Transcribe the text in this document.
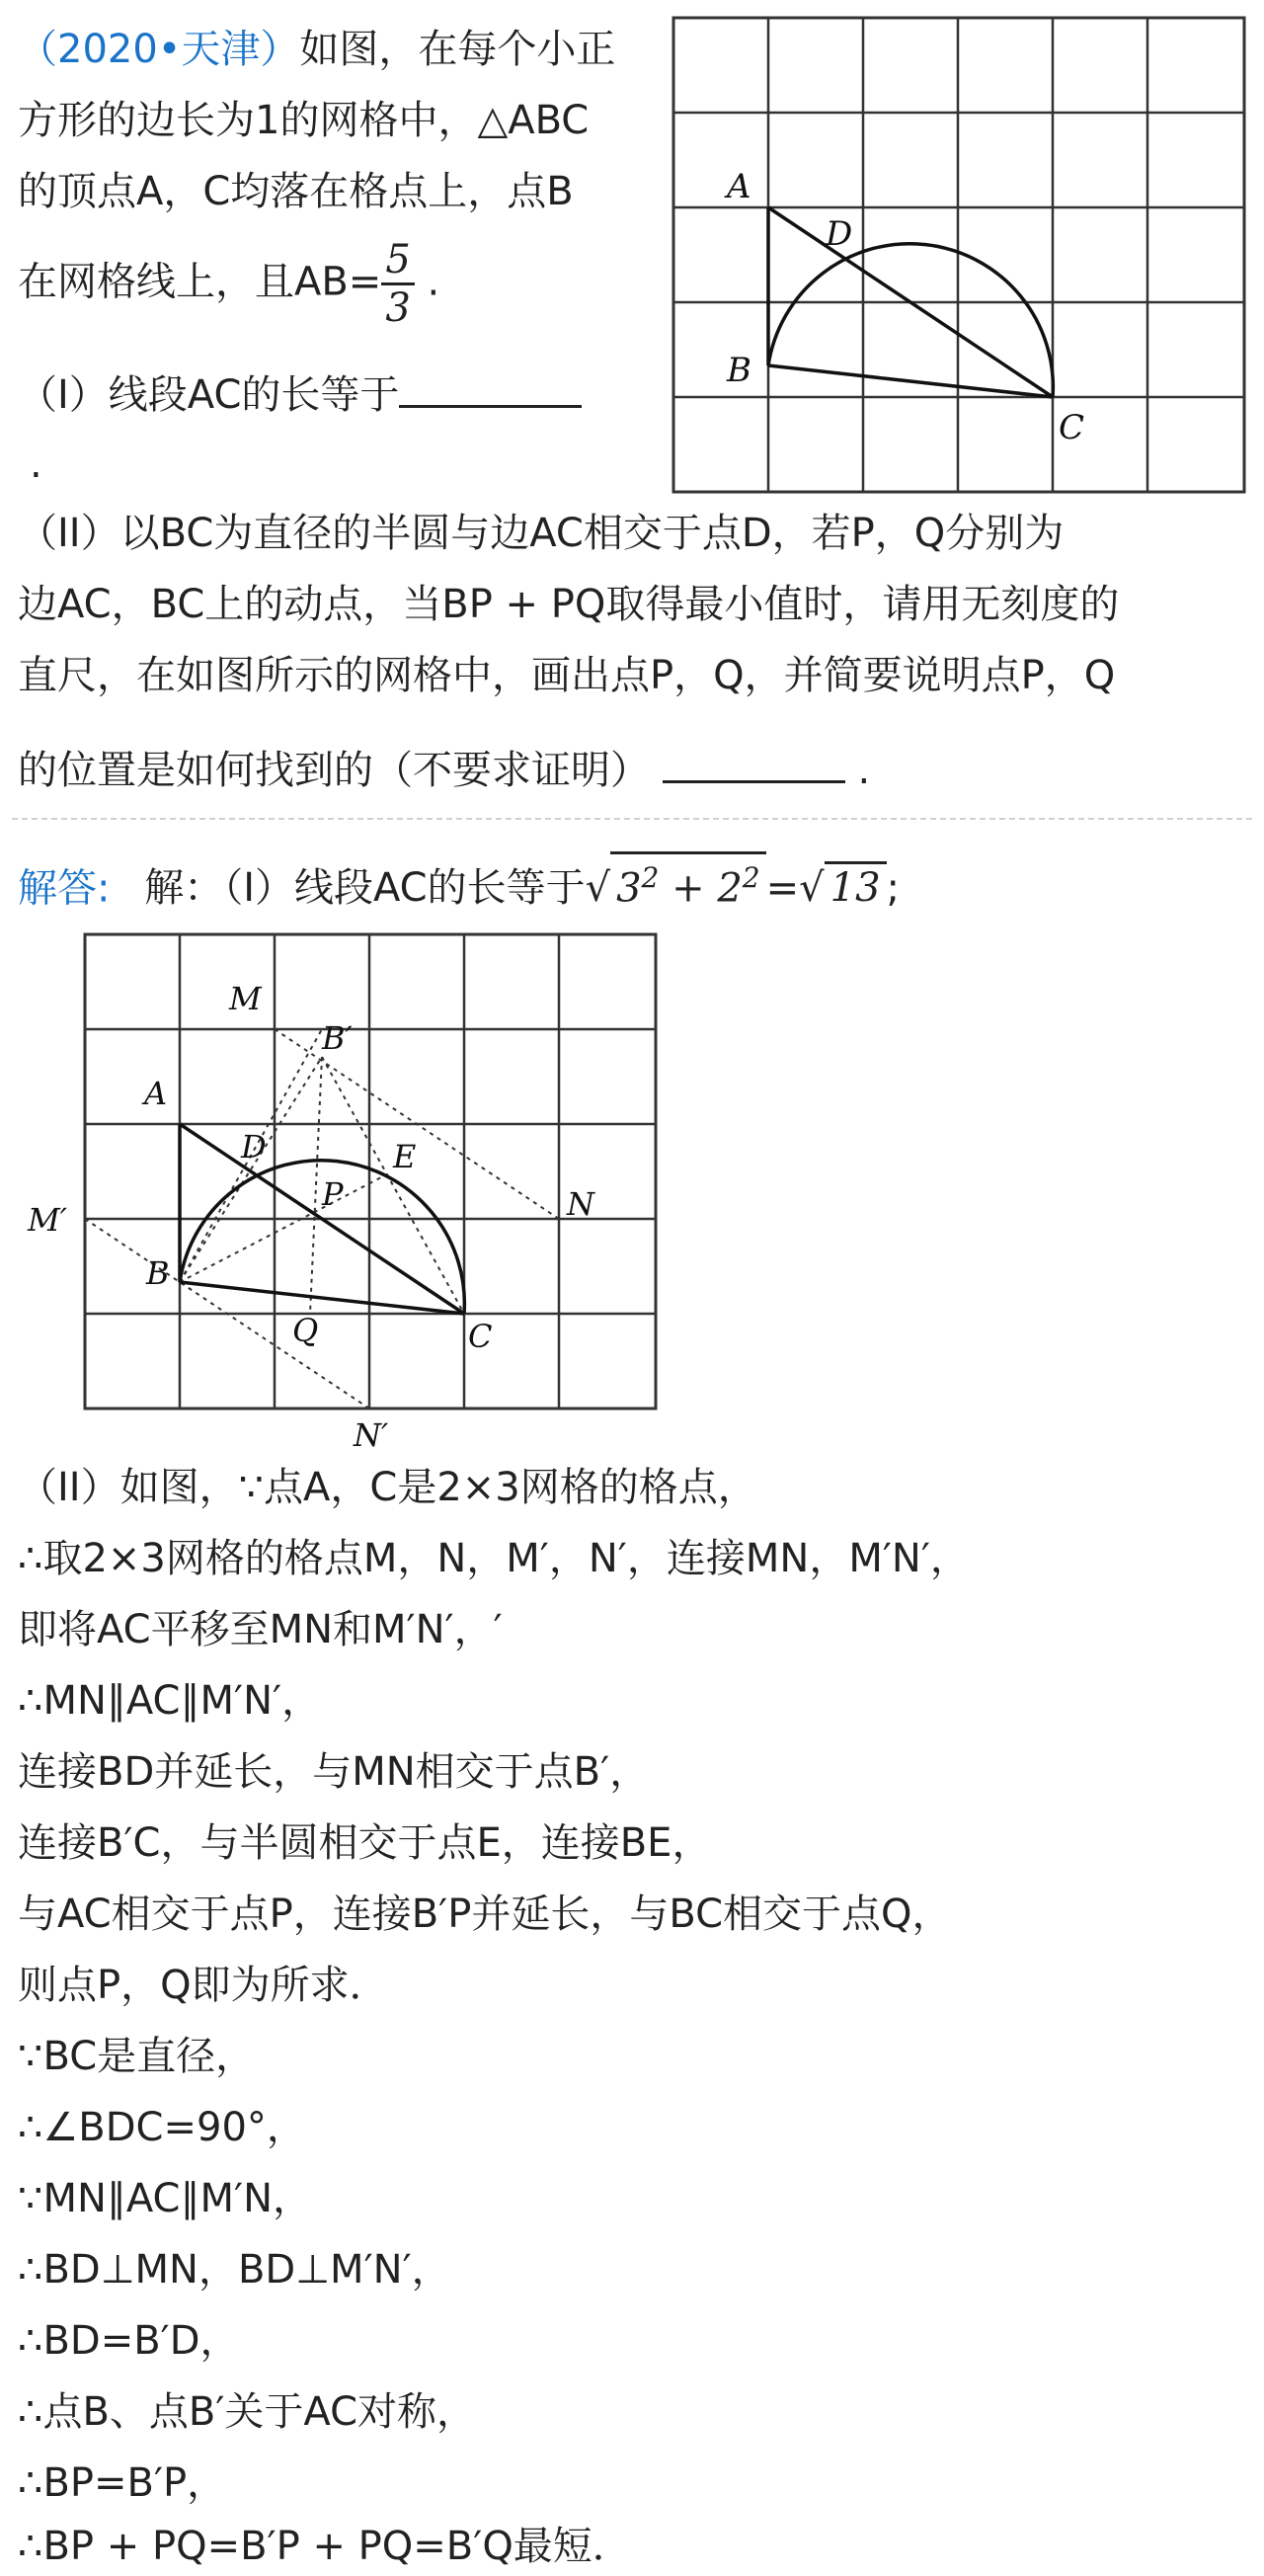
（2020•天津）如图，在每个小正
方形的边长为1的网格中，△ABC
的顶点A，C均落在格点上，点B
在网格线上，且$AB= \frac{5}{3}$ .
（I）线段AC的长等于
.
（II）以BC为直径的半圆与边AC相交于点D，若P，Q分别为
边AC，BC上的动点，当BP + PQ取得最小值时，请用无刻度的
直尺，在如图所示的网格中，画出点P，Q，并简要说明点P，Q
的位置是如何找到的（不要求证明）	.
A
D
B
C
解答: 解：（I）线段AC的长等于√ $3^2 + 2^2$ =√ 13 ;
M
B′
A
D	E
N
M′
P
B
Q	C
N′
（II）如图，∵点A，C是2×3网格的格点，
∴取2×3网格的格点M，N，M′，N′，连接MN，M′N′，
即将AC平移至MN和M′N′，′
∴MN∥AC∥M′N′，
连接BD并延长，与MN相交于点B′，
连接B′C，与半圆相交于点E，连接BE，
与AC相交于点P，连接B′P并延长，与BC相交于点Q，
则点P，Q即为所求．
∵BC是直径，
∴∠BDC=90°，
∵MN∥AC∥M′N，
∴BD⊥MN，BD⊥M′N′，
∴BD=B′D，
∴点B、点B′关于AC对称，
∴BP=B′P，
∴BP + PQ=B′P + PQ=B′Q最短．
